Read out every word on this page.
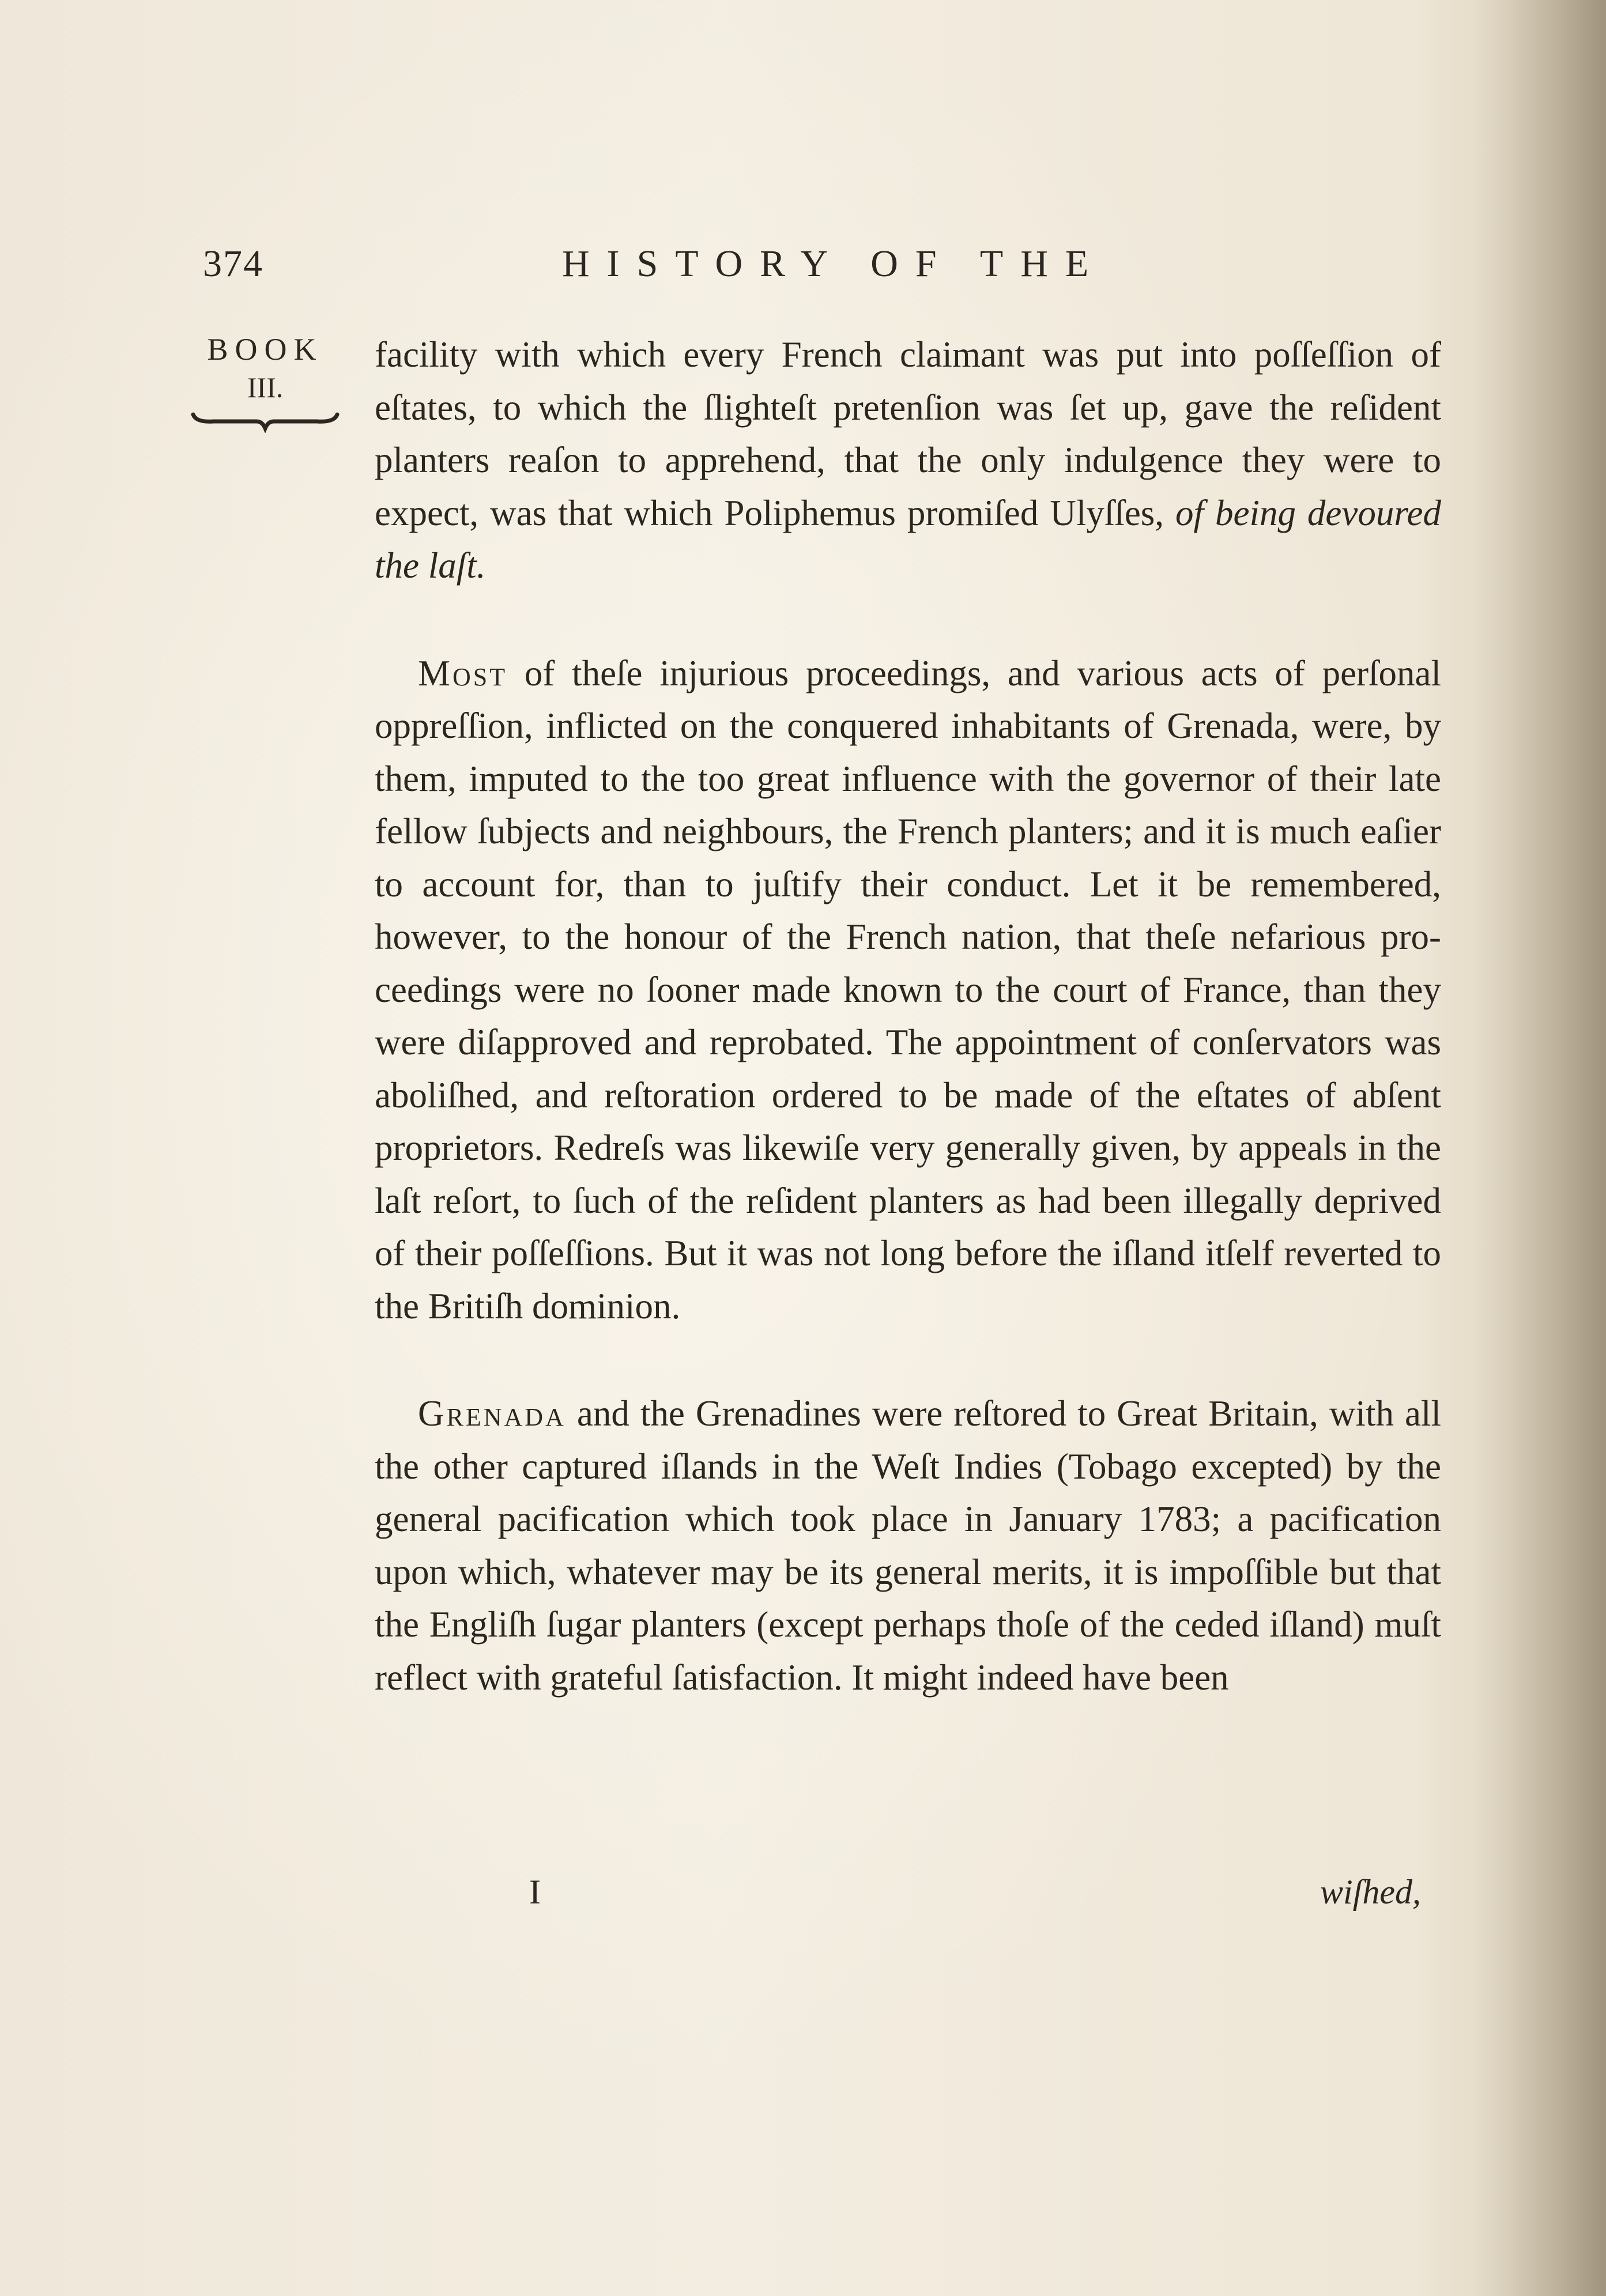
374	HISTORY OF THE
BOOK
III.

facility with which every French claimant was put into poſſeſſion of eſtates, to which the ſlighteſt pretenſion was ſet up, gave the reſident planters reaſon to apprehend, that the only indulgence they were to expect, was that which Poliphemus promiſed Ulyſſes, of being devoured the laſt.

Most of theſe injurious proceedings, and various acts of perſonal oppreſſion, inflicted on the conquered inhabitants of Grenada, were, by them, imputed to the too great influence with the governor of their late fellow ſubjects and neighbours, the French planters; and it is much eaſier to account for, than to juſtify their conduct. Let it be remembered, however, to the honour of the French nation, that theſe nefarious proceedings were no ſooner made known to the court of France, than they were diſapproved and reprobated. The appointment of conſervators was aboliſhed, and reſtoration ordered to be made of the eſtates of abſent proprietors. Redreſs was likewiſe very generally given, by appeals in the laſt reſort, to ſuch of the reſident planters as had been illegally deprived of their poſſeſſions. But it was not long before the iſland itſelf reverted to the Britiſh dominion.

Grenada and the Grenadines were reſtored to Great Britain, with all the other captured iſlands in the Weſt Indies (Tobago excepted) by the general pacification which took place in January 1783; a pacification upon which, whatever may be its general merits, it is impoſſible but that the Engliſh ſugar planters (except perhaps thoſe of the ceded iſland) muſt reflect with grateful ſatisfaction. It might indeed have been

I	wiſhed,
